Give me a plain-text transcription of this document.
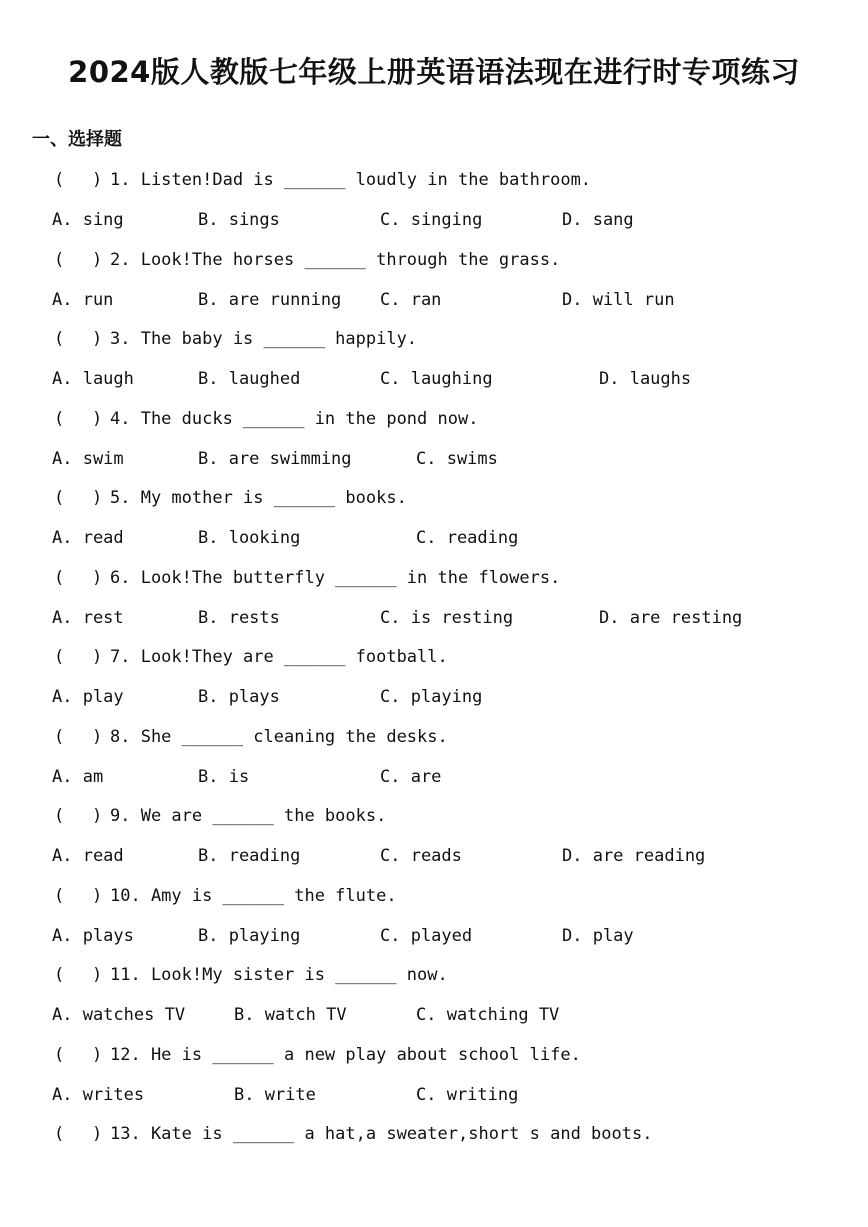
2024版人教版七年级上册英语语法现在进行时专项练习
一、选择题
( ) 1. Listen!Dad is ______ loudly in the bathroom.
A. sing	B. sings	C. singing	D. sang
( ) 2. Look!The horses ______ through the grass.
A. run	B. are running C. ran	D. will run
( ) 3. The baby is ______ happily.
A. laugh	B. laughed	C. laughing	D. laughs
( ) 4. The ducks ______ in the pond now.
A. swim	B. are swimming	C. swims
( ) 5. My mother is ______ books.
A. read	B. looking	C. reading
( ) 6. Look!The butterfly ______ in the flowers.
A. rest	B. rests	C. is resting	D. are resting
( ) 7. Look!They are ______ football.
A. play	B. plays	C. playing
( ) 8. She ______ cleaning the desks.
A. am	B. is	C. are
( ) 9. We are ______ the books.
A. read	B. reading	C. reads	D. are reading
( ) 10. Amy is ______ the flute.
A. plays	B. playing	C. played	D. play
( ) 11. Look!My sister is ______ now.
A. watches TV	B. watch TV	C. watching TV
( ) 12. He is ______ a new play about school life.
A. writes	B. write	C. writing
( ) 13. Kate is ______ a hat,a sweater,short s and boots.
